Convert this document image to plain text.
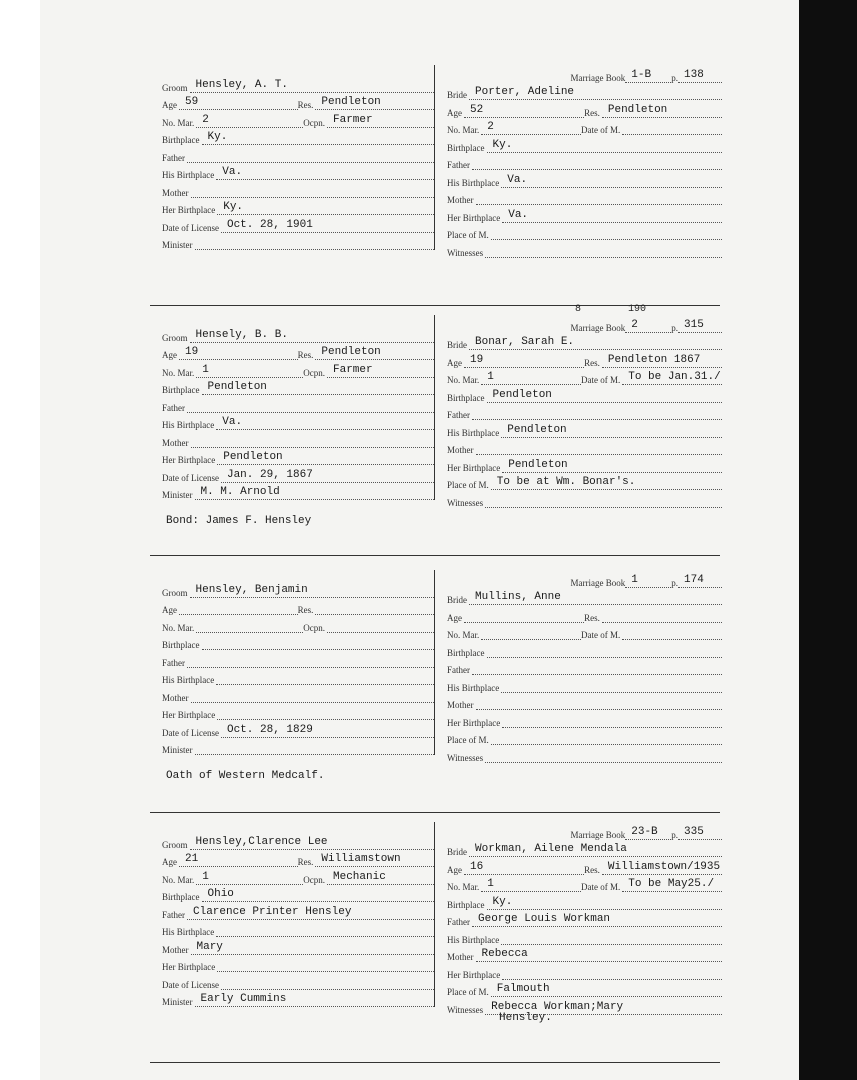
Groom Hensley, A. T.
Age 59	Res. Pendleton
No. Mar. 2	Ocpn. Farmer
Birthplace Ky.
Father
His Birthplace Va.
Mother
Her Birthplace Ky.
Date of License Oct. 28, 1901
Minister
Marriage Book 1-B p. 138
Bride Porter, Adeline
Age 52	Res. Pendleton
No. Mar. 2	Date of M.
Birthplace Ky.
Father
His Birthplace Va.
Mother
Her Birthplace Va.
Place of M.
Witnesses
Groom Hensely, B. B.
Age 19	Res. Pendleton
No. Mar. 1	Ocpn. Farmer
Birthplace Pendleton
Father
His Birthplace Va.
Mother
Her Birthplace Pendleton
Date of License Jan. 29, 1867
Minister M. M. Arnold
Marriage Book 2	p. 315
Bride Bonar, Sarah E.
Age 19	Res. Pendleton 1867
No. Mar. 1	Date of M. To be Jan.31./
Birthplace Pendleton
Father
His Birthplace Pendleton
Mother
Her Birthplace Pendleton
Place of M. To be at Wm. Bonar's.
Witnesses
Bond: James F. Hensley
8	190
Groom Hensley, Benjamin
Age	Res.
No. Mar.	Ocpn.
Birthplace
Father
His Birthplace
Mother
Her Birthplace
Date of License Oct. 28, 1829
Minister
Marriage Book 1	p. 174
Bride Mullins, Anne
Age	Res.
No. Mar.	Date of M.
Birthplace
Father
His Birthplace
Mother
Her Birthplace
Place of M.
Witnesses
Oath of Western Medcalf.
Groom Hensley,Clarence Lee
Age 21	Res. Williamstown
No. Mar. 1	Ocpn. Mechanic
Birthplace Ohio
Father Clarence Printer Hensley
His Birthplace
Mother Mary
Her Birthplace
Date of License
Minister Early Cummins
Marriage Book 23-B p. 335
Bride Workman, Ailene Mendala
Age 16	Res. Williamstown/1935
No. Mar. 1	Date of M. To be May25./
Birthplace Ky.
Father George Louis Workman
His Birthplace
Mother Rebecca
Her Birthplace
Place of M. Falmouth
Witnesses Rebecca Workman;Mary
Hensley.
